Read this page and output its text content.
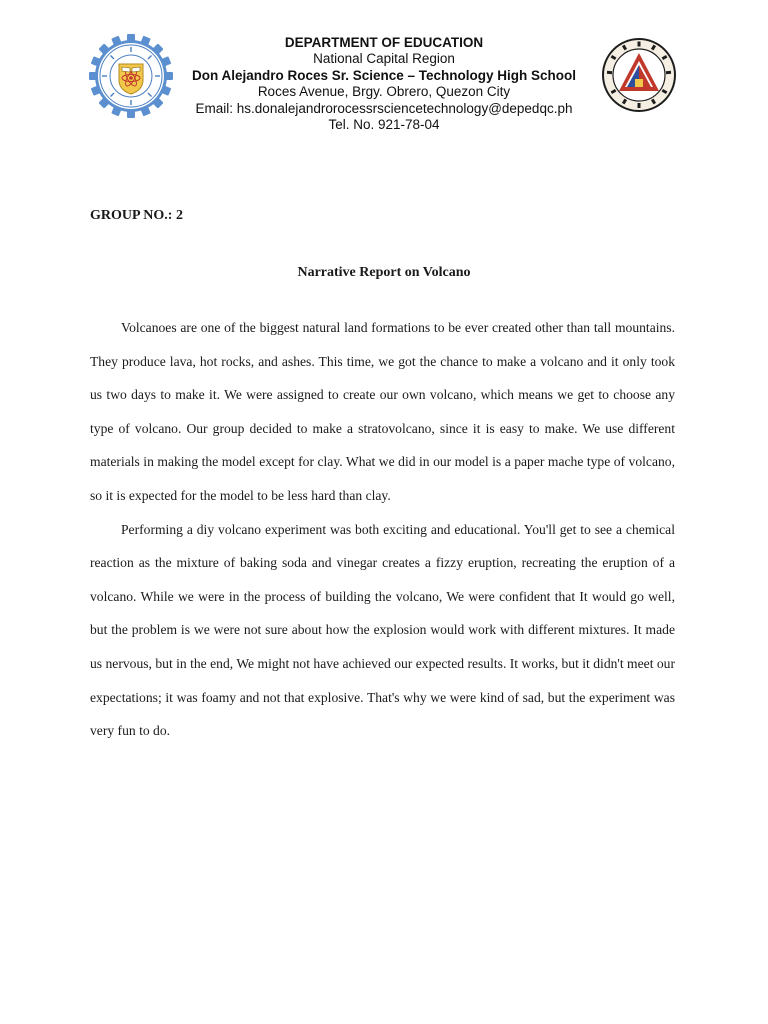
DEPARTMENT OF EDUCATION
National Capital Region
Don Alejandro Roces Sr. Science – Technology High School
Roces Avenue, Brgy. Obrero, Quezon City
Email: hs.donalejandrorocessrsciencetechnology@depedqc.ph
Tel. No. 921-78-04
GROUP NO.: 2
Narrative Report on Volcano

Volcanoes are one of the biggest natural land formations to be ever created other than tall mountains. They produce lava, hot rocks, and ashes. This time, we got the chance to make a volcano and it only took us two days to make it. We were assigned to create our own volcano, which means we get to choose any type of volcano. Our group decided to make a stratovolcano, since it is easy to make. We use different materials in making the model except for clay. What we did in our model is a paper mache type of volcano, so it is expected for the model to be less hard than clay.

Performing a diy volcano experiment was both exciting and educational. You'll get to see a chemical reaction as the mixture of baking soda and vinegar creates a fizzy eruption, recreating the eruption of a volcano. While we were in the process of building the volcano, We were confident that It would go well, but the problem is we were not sure about how the explosion would work with different mixtures. It made us nervous, but in the end, We might not have achieved our expected results. It works, but it didn't meet our expectations; it was foamy and not that explosive. That's why we were kind of sad, but the experiment was very fun to do.
